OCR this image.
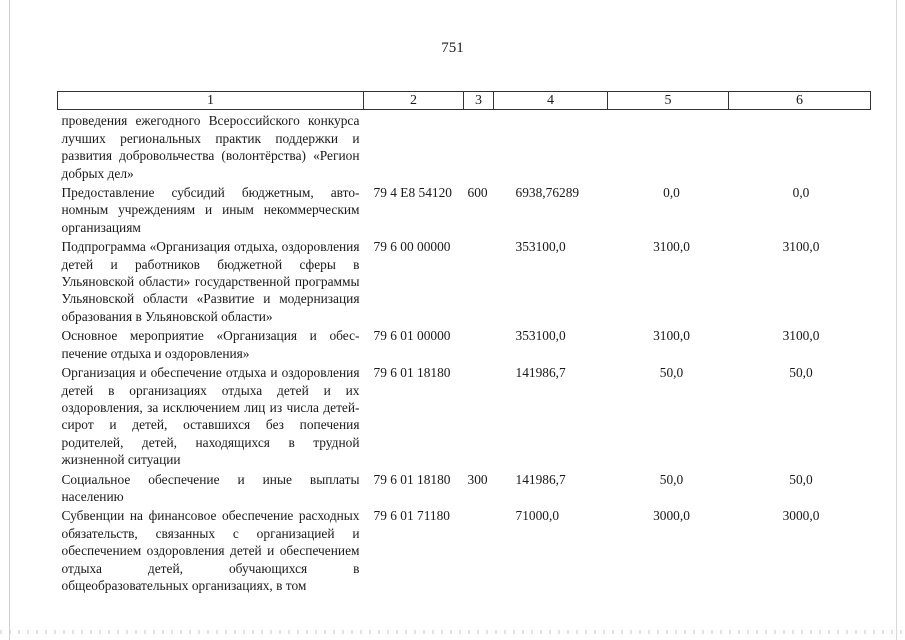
751
1	2	3	4	5	6
проведения ежегодного Всероссийского конкурса лучших региональных практик поддержки и развития добровольчества (волонтёрства) «Регион добрых дел»					
Предоставление субсидий бюджетным, автономным учреждениям и иным некоммерческим организациям	79 4 E8 54120	600	6938,76289	0,0	0,0
Подпрограмма «Организация отдыха, оздоровления детей и работников бюджетной сферы в Ульяновской области» государственной программы Ульяновской области «Развитие и модернизация образования в Ульяновской области»	79 6 00 00000		353100,0	3100,0	3100,0
Основное мероприятие «Организация и обеспечение отдыха и оздоровления»	79 6 01 00000		353100,0	3100,0	3100,0
Организация и обеспечение отдыха и оздоровления детей в организациях отдыха детей и их оздоровления, за исключением лиц из числа детей-сирот и детей, оставшихся без попечения родителей, детей, находящихся в трудной жизненной ситуации	79 6 01 18180		141986,7	50,0	50,0
Социальное обеспечение и иные выплаты населению	79 6 01 18180	300	141986,7	50,0	50,0
Субвенции на финансовое обеспечение расходных обязательств, связанных с организацией и обеспечением оздоровления детей и обеспечением отдыха детей, обучающихся в общеобразовательных организациях, в том	79 6 01 71180		71000,0	3000,0	3000,0
